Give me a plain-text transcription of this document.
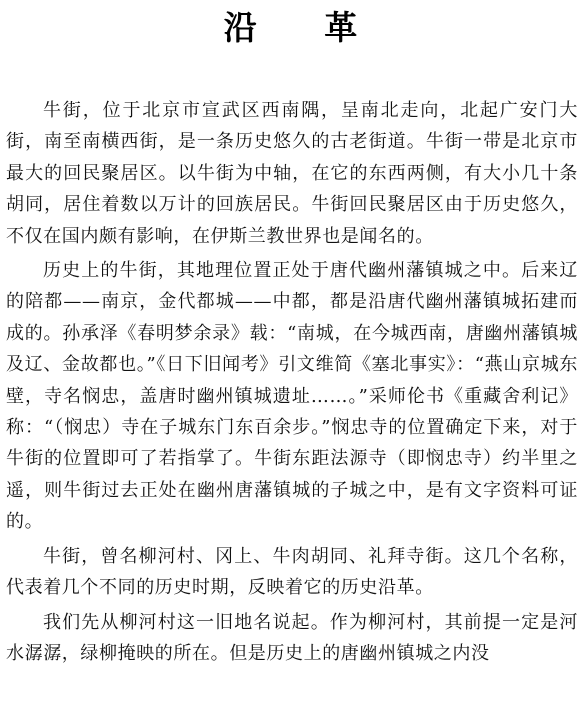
沿 革

牛街，位于北京市宣武区西南隅，呈南北走向，北起广安门大街，南至南横西街，是一条历史悠久的古老街道。牛街一带是北京市最大的回民聚居区。以牛街为中轴，在它的东西两侧，有大小几十条胡同，居住着数以万计的回族居民。牛街回民聚居区由于历史悠久，不仅在国内颇有影响，在伊斯兰教世界也是闻名的。

历史上的牛街，其地理位置正处于唐代幽州藩镇城之中。后来辽的陪都——南京，金代都城——中都，都是沿唐代幽州藩镇城拓建而成的。孙承泽《春明梦余录》载：“南城，在今城西南，唐幽州藩镇城及辽、金故都也。”《日下旧闻考》引文维简《塞北事实》：“燕山京城东壁，寺名悯忠，盖唐时幽州镇城遗址……。”采师伦书《重藏舍利记》称：“（悯忠）寺在子城东门东百余步。”悯忠寺的位置确定下来，对于牛街的位置即可了若指掌了。牛街东距法源寺（即悯忠寺）约半里之遥，则牛街过去正处在幽州唐藩镇城的子城之中，是有文字资料可证的。

牛街，曾名柳河村、冈上、牛肉胡同、礼拜寺街。这几个名称，代表着几个不同的历史时期，反映着它的历史沿革。

我们先从柳河村这一旧地名说起。作为柳河村，其前提一定是河水潺潺，绿柳掩映的所在。但是历史上的唐幽州镇城之内没
